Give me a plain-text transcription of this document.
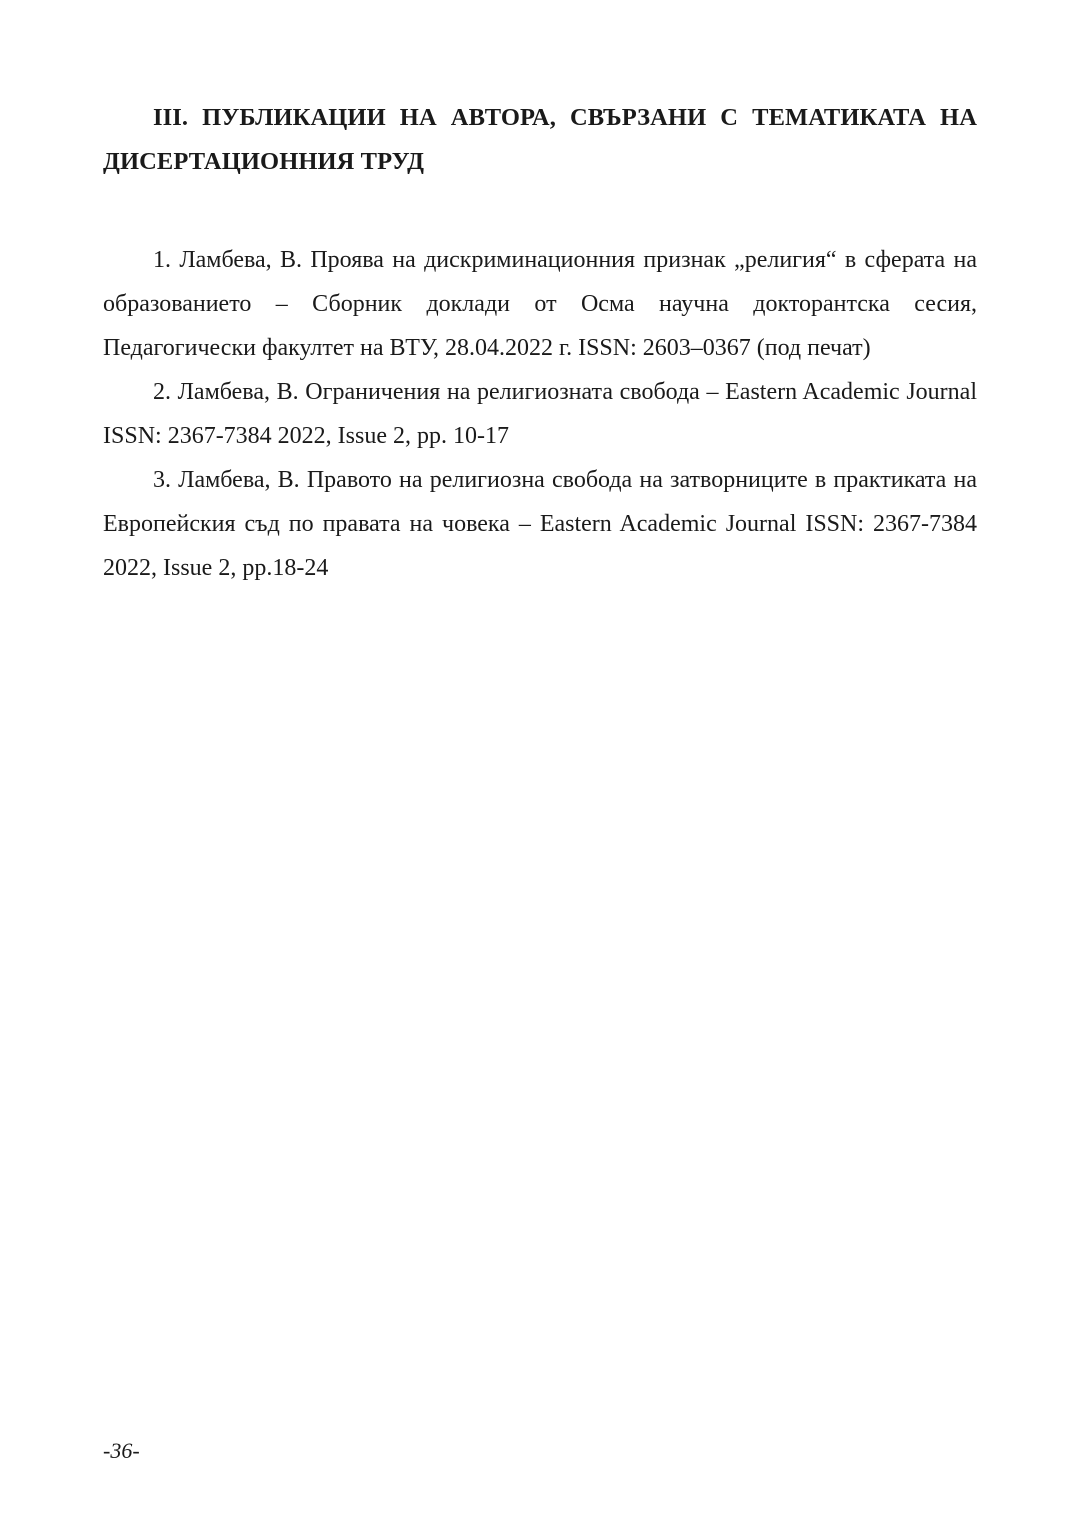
III. ПУБЛИКАЦИИ НА АВТОРА, СВЪРЗАНИ С ТЕМАТИКАТА НА ДИСЕРТАЦИОННИЯ ТРУД

1. Ламбева, В. Проява на дискриминационния признак „религия“ в сферата на образованието – Сборник доклади от Осма научна докторантска сесия, Педагогически факултет на ВТУ, 28.04.2022 г. ISSN: 2603–0367 (под печат)

2. Ламбева, В. Ограничения на религиозната свобода – Eastern Academic Journal ISSN: 2367-7384 2022, Issue 2, pp. 10-17

3. Ламбева, В. Правото на религиозна свобода на затворниците в практиката на Европейския съд по правата на човека – Eastern Academic Journal ISSN: 2367-7384 2022, Issue 2, pp.18-24

-36-
